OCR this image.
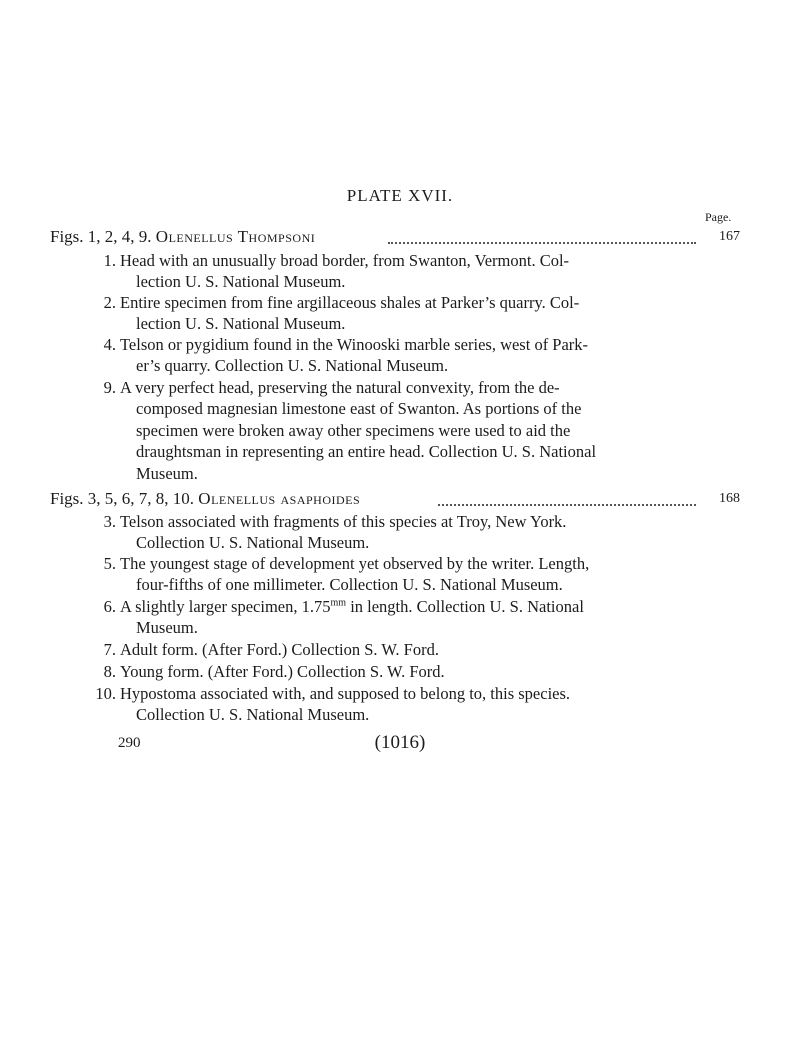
PLATE XVII.
Page.
Figs. 1, 2, 4, 9. Olenellus Thompsoni	167
1. Head with an unusually broad border, from Swanton, Vermont. Col-
lection U. S. National Museum.
2. Entire specimen from fine argillaceous shales at Parker’s quarry. Col-
lection U. S. National Museum.
4. Telson or pygidium found in the Winooski marble series, west of Park-
er’s quarry. Collection U. S. National Museum.
9. A very perfect head, preserving the natural convexity, from the de-
composed magnesian limestone east of Swanton. As portions of the
specimen were broken away other specimens were used to aid the
draughtsman in representing an entire head. Collection U. S. National
Museum.
Figs. 3, 5, 6, 7, 8, 10. Olenellus asaphoides	168
3. Telson associated with fragments of this species at Troy, New York.
Collection U. S. National Museum.
5. The youngest stage of development yet observed by the writer. Length,
four-fifths of one millimeter. Collection U. S. National Museum.
6. A slightly larger specimen, $1.75^{mm}$ in length. Collection U. S. National
Museum.
7. Adult form. (After Ford.) Collection S. W. Ford.
8. Young form. (After Ford.) Collection S. W. Ford.
10. Hypostoma associated with, and supposed to belong to, this species.
Collection U. S. National Museum.
290	(1016)
